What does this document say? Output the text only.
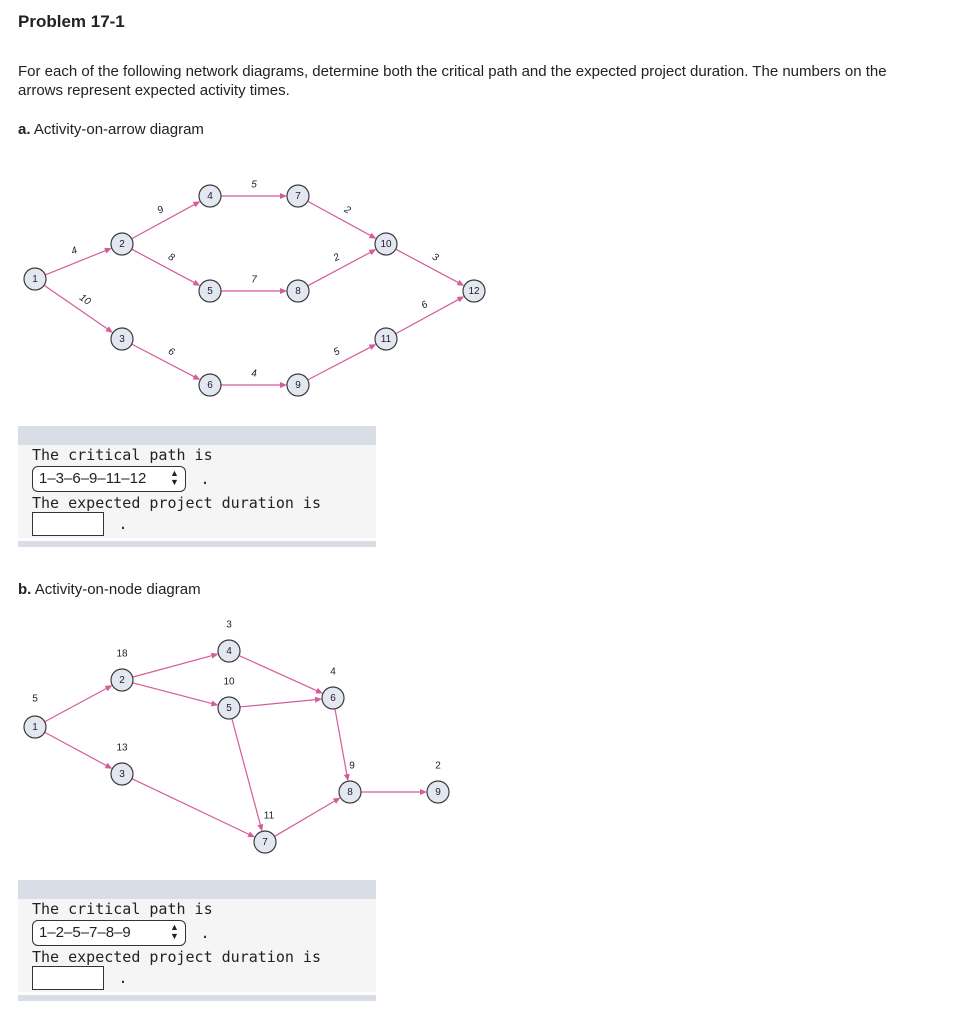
Problem 17-1
For each of the following network diagrams, determine both the critical path and the expected project duration. The numbers on the arrows represent expected activity times.
a. Activity-on-arrow diagram
4
10
9
8
6
5
7
4
2
2
5
3
6
1
2
3
4
5
6
7
8
9
10
11
12
The critical path is
1–3–6–9–11–12	▲
▼ .
The expected project duration is
.
b. Activity-on-node diagram
1
5
2
18
3
13
4
3
5
10
6
4
7
11
8
9
9
2
The critical path is
1–2–5–7–8–9	▲
▼ .
The expected project duration is
.
